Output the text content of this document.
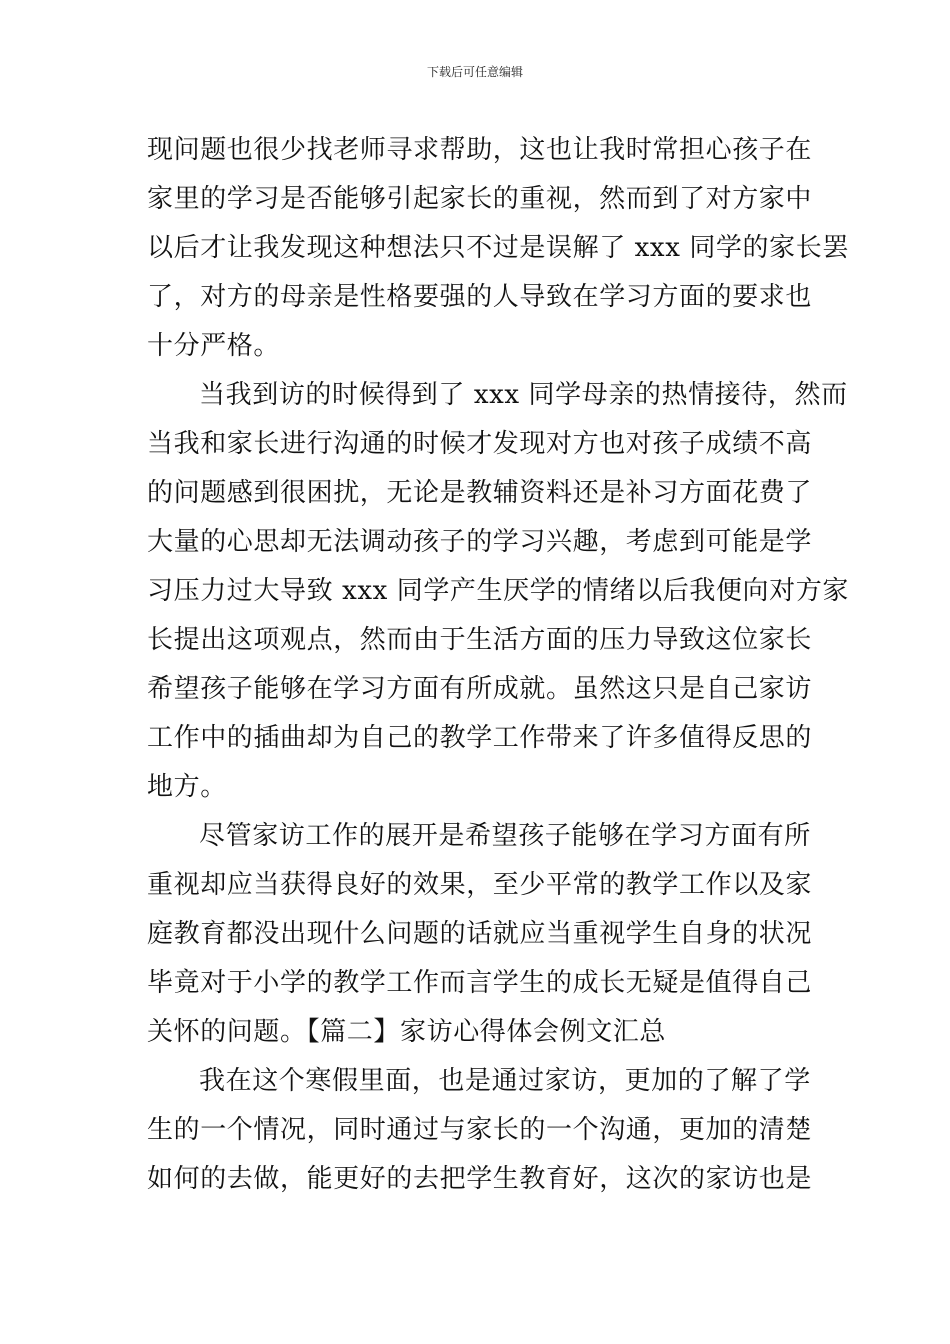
下载后可任意编辑
现问题也很少找老师寻求帮助，这也让我时常担心孩子在
家里的学习是否能够引起家长的重视，然而到了对方家中
以后才让我发现这种想法只不过是误解了 xxx 同学的家长罢
了，对方的母亲是性格要强的人导致在学习方面的要求也
十分严格。
当我到访的时候得到了 xxx 同学母亲的热情接待，然而
当我和家长进行沟通的时候才发现对方也对孩子成绩不高
的问题感到很困扰，无论是教辅资料还是补习方面花费了
大量的心思却无法调动孩子的学习兴趣，考虑到可能是学
习压力过大导致 xxx 同学产生厌学的情绪以后我便向对方家
长提出这项观点，然而由于生活方面的压力导致这位家长
希望孩子能够在学习方面有所成就。虽然这只是自己家访
工作中的插曲却为自己的教学工作带来了许多值得反思的
地方。
尽管家访工作的展开是希望孩子能够在学习方面有所
重视却应当获得良好的效果，至少平常的教学工作以及家
庭教育都没出现什么问题的话就应当重视学生自身的状况
毕竟对于小学的教学工作而言学生的成长无疑是值得自己
关怀的问题。【篇二】家访心得体会例文汇总
我在这个寒假里面，也是通过家访，更加的了解了学
生的一个情况，同时通过与家长的一个沟通，更加的清楚
如何的去做，能更好的去把学生教育好，这次的家访也是
